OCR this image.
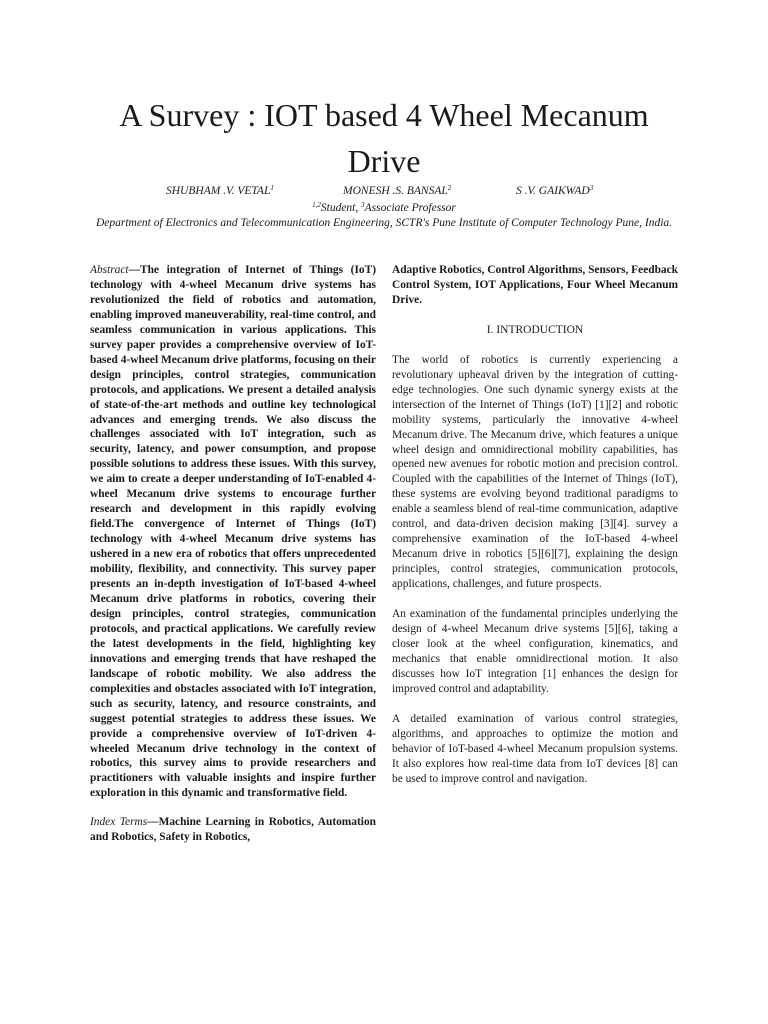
A Survey : IOT based 4 Wheel Mecanum Drive
SHUBHAM .V. VETAL$^1$	MONESH .S. BANSAL$^2$	S .V. GAIKWAD$^3$
$^{1,2}$Student, $^3$Associate Professor
Department of Electronics and Telecommunication Engineering, SCTR's Pune Institute of Computer Technology Pune, India.

Abstract—The integration of Internet of Things (IoT) technology with 4-wheel Mecanum drive systems has revolutionized the field of robotics and automation, enabling improved maneuverability, real-time control, and seamless communication in various applications. This survey paper provides a comprehensive overview of IoT-based 4-wheel Mecanum drive platforms, focusing on their design principles, control strategies, communication protocols, and applications. We present a detailed analysis of state-of-the-art methods and outline key technological advances and emerging trends. We also discuss the challenges associated with IoT integration, such as security, latency, and power consumption, and propose possible solutions to address these issues. With this survey, we aim to create a deeper understanding of IoT-enabled 4-wheel Mecanum drive systems to encourage further research and development in this rapidly evolving field.The convergence of Internet of Things (IoT) technology with 4-wheel Mecanum drive systems has ushered in a new era of robotics that offers unprecedented mobility, flexibility, and connectivity. This survey paper presents an in-depth investigation of IoT-based 4-wheel Mecanum drive platforms in robotics, covering their design principles, control strategies, communication protocols, and practical applications. We carefully review the latest developments in the field, highlighting key innovations and emerging trends that have reshaped the landscape of robotic mobility. We also address the complexities and obstacles associated with IoT integration, such as security, latency, and resource constraints, and suggest potential strategies to address these issues. We provide a comprehensive overview of IoT-driven 4-wheeled Mecanum drive technology in the context of robotics, this survey aims to provide researchers and practitioners with valuable insights and inspire further exploration in this dynamic and transformative field.

Index Terms—Machine Learning in Robotics, Automation and Robotics, Safety in Robotics,

Adaptive Robotics, Control Algorithms, Sensors, Feedback Control System, IOT Applications, Four Wheel Mecanum Drive.

I. INTRODUCTION

The world of robotics is currently experiencing a revolutionary upheaval driven by the integration of cutting-edge technologies. One such dynamic synergy exists at the intersection of the Internet of Things (IoT) [1][2] and robotic mobility systems, particularly the innovative 4-wheel Mecanum drive. The Mecanum drive, which features a unique wheel design and omnidirectional mobility capabilities, has opened new avenues for robotic motion and precision control. Coupled with the capabilities of the Internet of Things (IoT), these systems are evolving beyond traditional paradigms to enable a seamless blend of real-time communication, adaptive control, and data-driven decision making [3][4]. survey a comprehensive examination of the IoT-based 4-wheel Mecanum drive in robotics [5][6][7], explaining the design principles, control strategies, communication protocols, applications, challenges, and future prospects.

An examination of the fundamental principles underlying the design of 4-wheel Mecanum drive systems [5][6], taking a closer look at the wheel configuration, kinematics, and mechanics that enable omnidirectional motion. It also discusses how IoT integration [1] enhances the design for improved control and adaptability.

A detailed examination of various control strategies, algorithms, and approaches to optimize the motion and behavior of IoT-based 4-wheel Mecanum propulsion systems. It also explores how real-time data from IoT devices [8] can be used to improve control and navigation.
